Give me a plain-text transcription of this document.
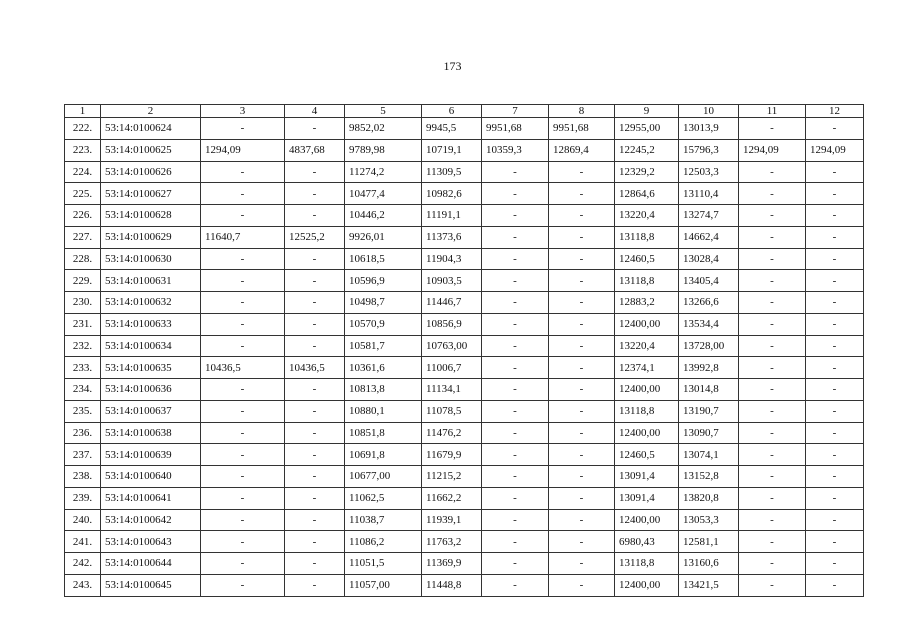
173
1	2	3	4	5	6	7	8	9	10	11	12
222.	53:14:0100624	-	-	9852,02	9945,5	9951,68	9951,68	12955,00	13013,9	-	-
223.	53:14:0100625	1294,09	4837,68	9789,98	10719,1	10359,3	12869,4	12245,2	15796,3	1294,09	1294,09
224.	53:14:0100626	-	-	11274,2	11309,5	-	-	12329,2	12503,3	-	-
225.	53:14:0100627	-	-	10477,4	10982,6	-	-	12864,6	13110,4	-	-
226.	53:14:0100628	-	-	10446,2	11191,1	-	-	13220,4	13274,7	-	-
227.	53:14:0100629	11640,7	12525,2	9926,01	11373,6	-	-	13118,8	14662,4	-	-
228.	53:14:0100630	-	-	10618,5	11904,3	-	-	12460,5	13028,4	-	-
229.	53:14:0100631	-	-	10596,9	10903,5	-	-	13118,8	13405,4	-	-
230.	53:14:0100632	-	-	10498,7	11446,7	-	-	12883,2	13266,6	-	-
231.	53:14:0100633	-	-	10570,9	10856,9	-	-	12400,00	13534,4	-	-
232.	53:14:0100634	-	-	10581,7	10763,00	-	-	13220,4	13728,00	-	-
233.	53:14:0100635	10436,5	10436,5	10361,6	11006,7	-	-	12374,1	13992,8	-	-
234.	53:14:0100636	-	-	10813,8	11134,1	-	-	12400,00	13014,8	-	-
235.	53:14:0100637	-	-	10880,1	11078,5	-	-	13118,8	13190,7	-	-
236.	53:14:0100638	-	-	10851,8	11476,2	-	-	12400,00	13090,7	-	-
237.	53:14:0100639	-	-	10691,8	11679,9	-	-	12460,5	13074,1	-	-
238.	53:14:0100640	-	-	10677,00	11215,2	-	-	13091,4	13152,8	-	-
239.	53:14:0100641	-	-	11062,5	11662,2	-	-	13091,4	13820,8	-	-
240.	53:14:0100642	-	-	11038,7	11939,1	-	-	12400,00	13053,3	-	-
241.	53:14:0100643	-	-	11086,2	11763,2	-	-	6980,43	12581,1	-	-
242.	53:14:0100644	-	-	11051,5	11369,9	-	-	13118,8	13160,6	-	-
243.	53:14:0100645	-	-	11057,00	11448,8	-	-	12400,00	13421,5	-	-
